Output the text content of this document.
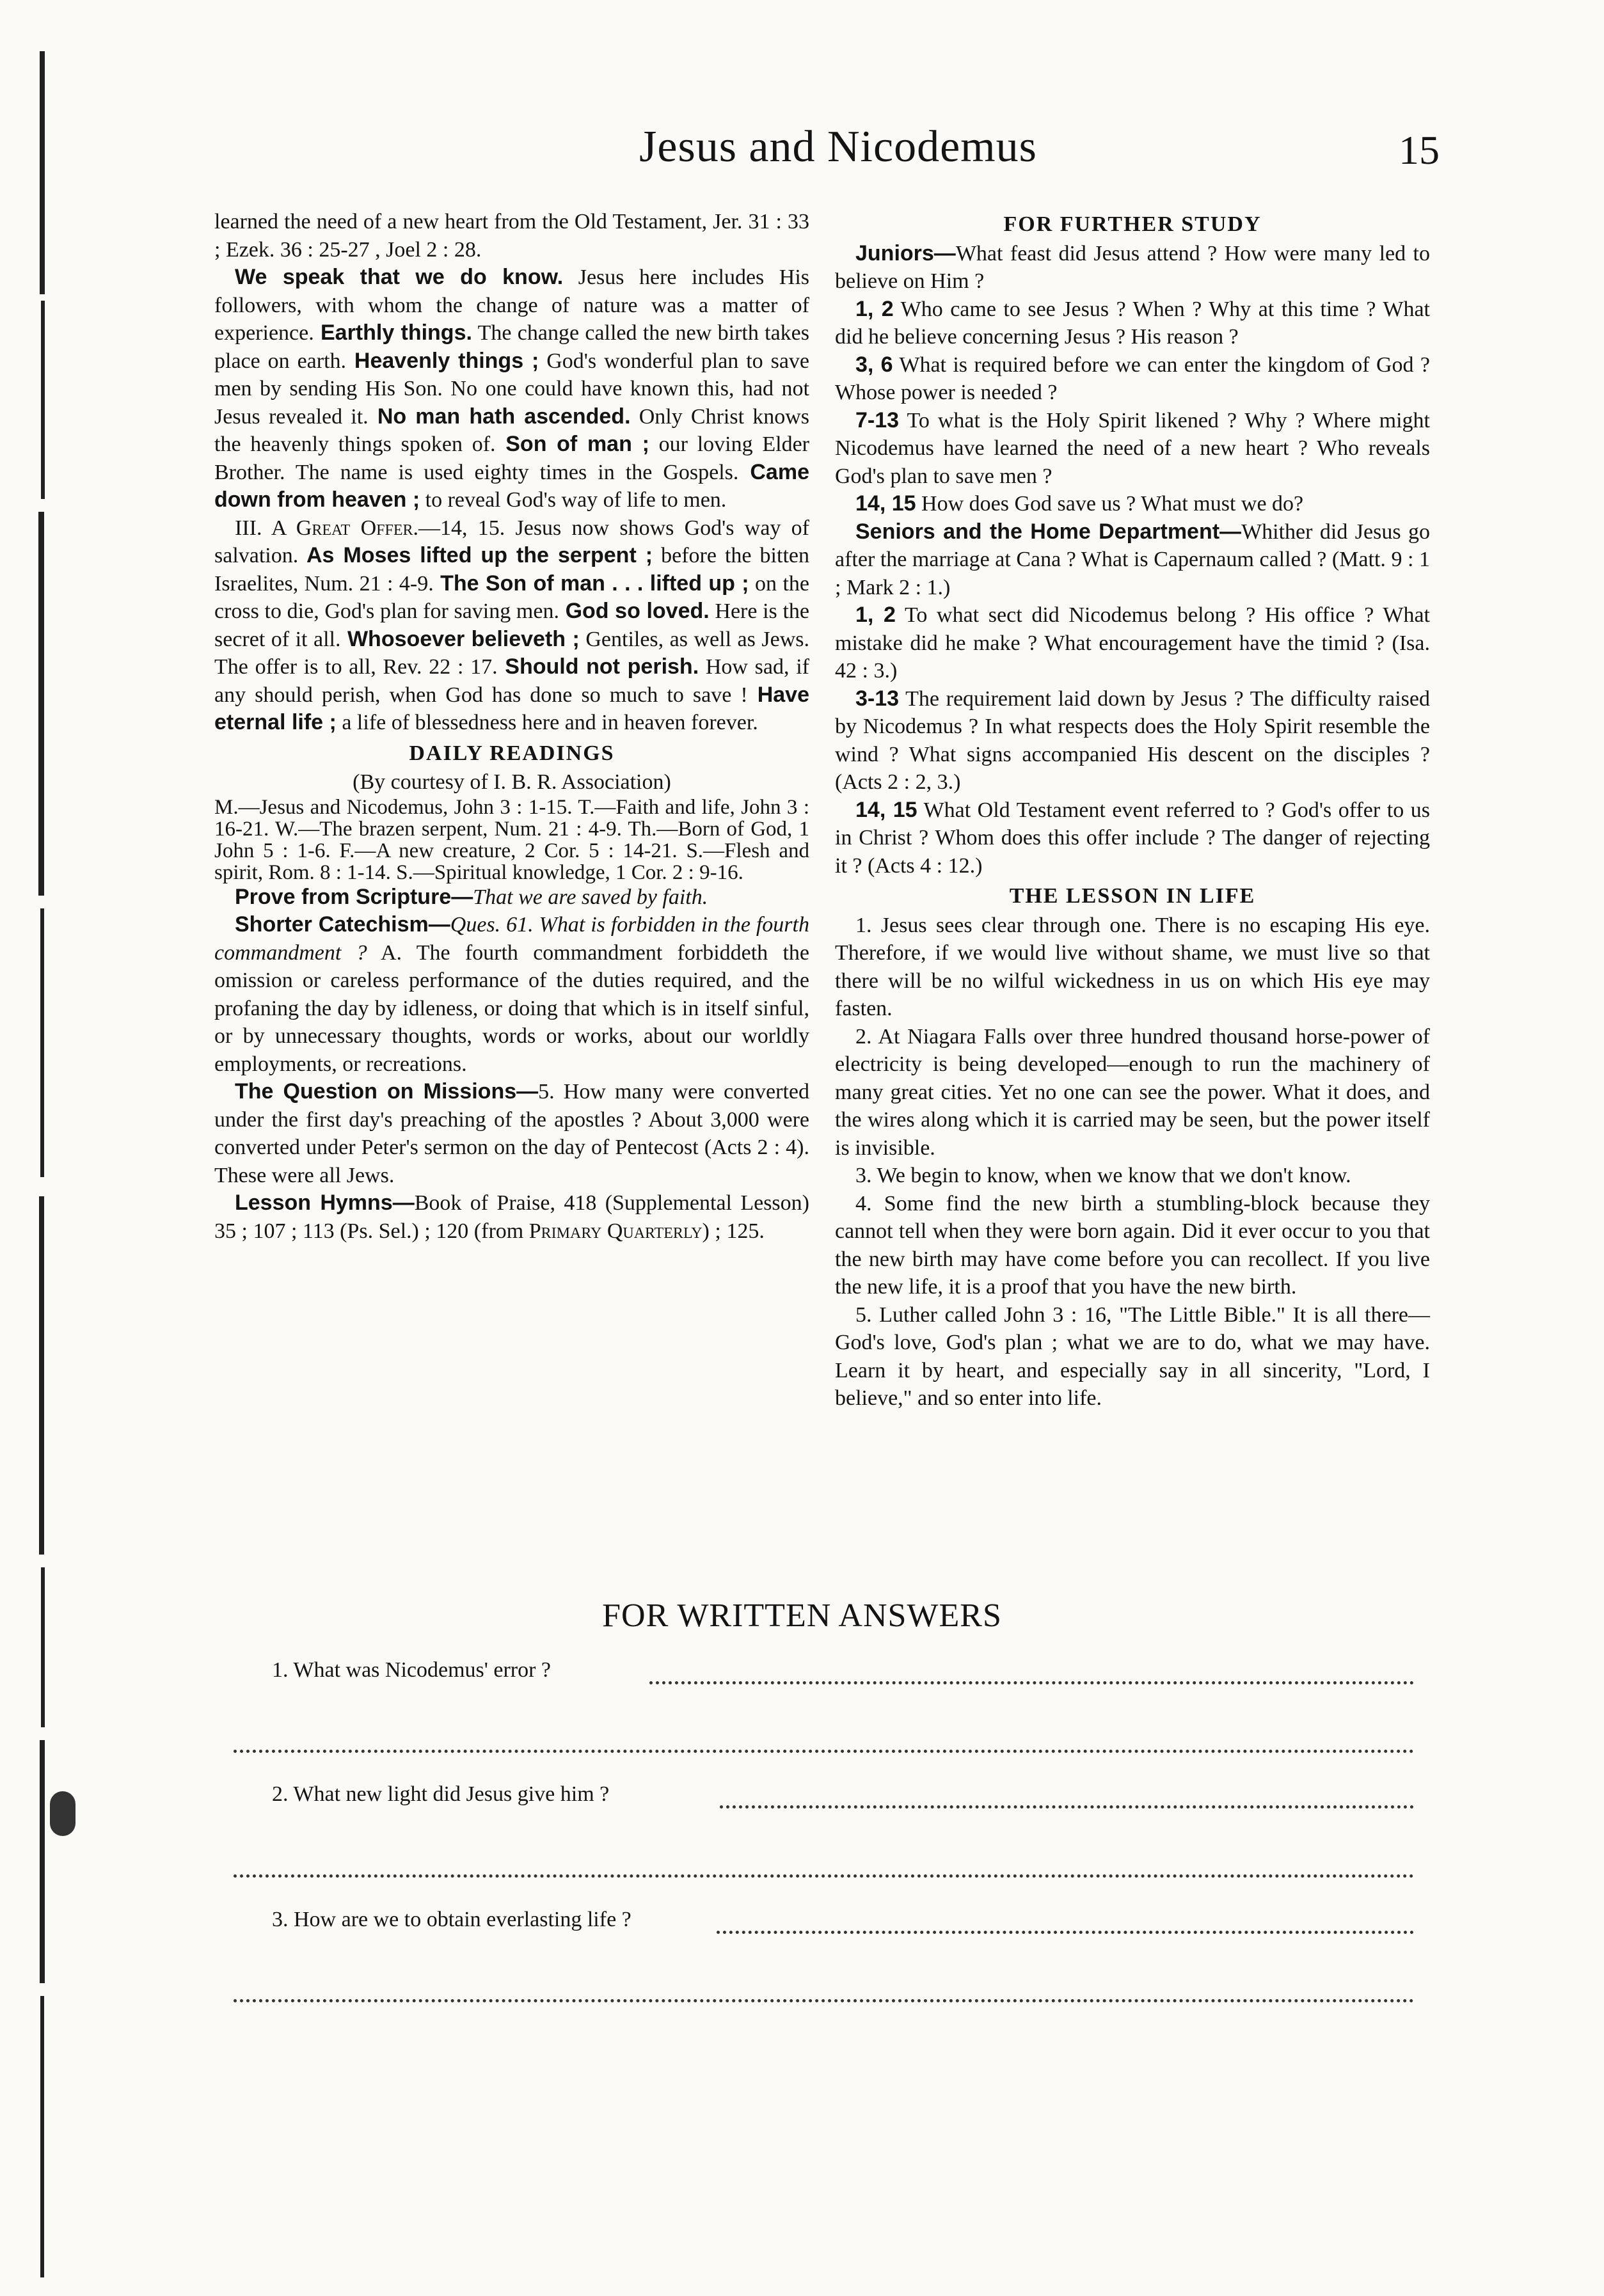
Jesus and Nicodemus	15

learned the need of a new heart from the Old Testament, Jer. 31 : 33 ; Ezek. 36 : 25-27 , Joel 2 : 28.

We speak that we do know. Jesus here includes His followers, with whom the change of nature was a matter of experience. Earthly things. The change called the new birth takes place on earth. Heavenly things ; God's wonderful plan to save men by sending His Son. No one could have known this, had not Jesus revealed it. No man hath ascended. Only Christ knows the heavenly things spoken of. Son of man ; our loving Elder Brother. The name is used eighty times in the Gospels. Came down from heaven ; to reveal God's way of life to men.

III. A Great Offer.—14, 15. Jesus now shows God's way of salvation. As Moses lifted up the serpent ; before the bitten Israelites, Num. 21 : 4-9. The Son of man . . . lifted up ; on the cross to die, God's plan for saving men. God so loved. Here is the secret of it all. Whosoever believeth ; Gentiles, as well as Jews. The offer is to all, Rev. 22 : 17. Should not perish. How sad, if any should perish, when God has done so much to save ! Have eternal life ; a life of blessedness here and in heaven forever.

DAILY READINGS

(By courtesy of I. B. R. Association)

M.—Jesus and Nicodemus, John 3 : 1-15. T.—Faith and life, John 3 : 16-21. W.—The brazen serpent, Num. 21 : 4-9. Th.—Born of God, 1 John 5 : 1-6. F.—A new creature, 2 Cor. 5 : 14-21. S.—Flesh and spirit, Rom. 8 : 1-14. S.—Spiritual knowledge, 1 Cor. 2 : 9-16.

Prove from Scripture—That we are saved by faith.

Shorter Catechism—Ques. 61. What is forbidden in the fourth commandment ? A. The fourth commandment forbiddeth the omission or careless performance of the duties required, and the profaning the day by idleness, or doing that which is in itself sinful, or by unnecessary thoughts, words or works, about our worldly employments, or recreations.

The Question on Missions—5. How many were converted under the first day's preaching of the apostles ? About 3,000 were converted under Peter's sermon on the day of Pentecost (Acts 2 : 4). These were all Jews.

Lesson Hymns—Book of Praise, 418 (Supplemental Lesson) 35 ; 107 ; 113 (Ps. Sel.) ; 120 (from Primary Quarterly) ; 125.

FOR FURTHER STUDY

Juniors—What feast did Jesus attend ? How were many led to believe on Him ?

1, 2 Who came to see Jesus ? When ? Why at this time ? What did he believe concerning Jesus ? His reason ?

3, 6 What is required before we can enter the kingdom of God ? Whose power is needed ?

7-13 To what is the Holy Spirit likened ? Why ? Where might Nicodemus have learned the need of a new heart ? Who reveals God's plan to save men ?

14, 15 How does God save us ? What must we do?

Seniors and the Home Department—Whither did Jesus go after the marriage at Cana ? What is Capernaum called ? (Matt. 9 : 1 ; Mark 2 : 1.)

1, 2 To what sect did Nicodemus belong ? His office ? What mistake did he make ? What encouragement have the timid ? (Isa. 42 : 3.)

3-13 The requirement laid down by Jesus ? The difficulty raised by Nicodemus ? In what respects does the Holy Spirit resemble the wind ? What signs accompanied His descent on the disciples ? (Acts 2 : 2, 3.)

14, 15 What Old Testament event referred to ? God's offer to us in Christ ? Whom does this offer include ? The danger of rejecting it ? (Acts 4 : 12.)

THE LESSON IN LIFE

1. Jesus sees clear through one. There is no escaping His eye. Therefore, if we would live without shame, we must live so that there will be no wilful wickedness in us on which His eye may fasten.

2. At Niagara Falls over three hundred thousand horse-power of electricity is being developed—enough to run the machinery of many great cities. Yet no one can see the power. What it does, and the wires along which it is carried may be seen, but the power itself is invisible.

3. We begin to know, when we know that we don't know.

4. Some find the new birth a stumbling-block because they cannot tell when they were born again. Did it ever occur to you that the new birth may have come before you can recollect. If you live the new life, it is a proof that you have the new birth.

5. Luther called John 3 : 16, "The Little Bible." It is all there—God's love, God's plan ; what we are to do, what we may have. Learn it by heart, and especially say in all sincerity, "Lord, I believe," and so enter into life.

FOR WRITTEN ANSWERS
1. What was Nicodemus' error ?
2. What new light did Jesus give him ?
3. How are we to obtain everlasting life ?
